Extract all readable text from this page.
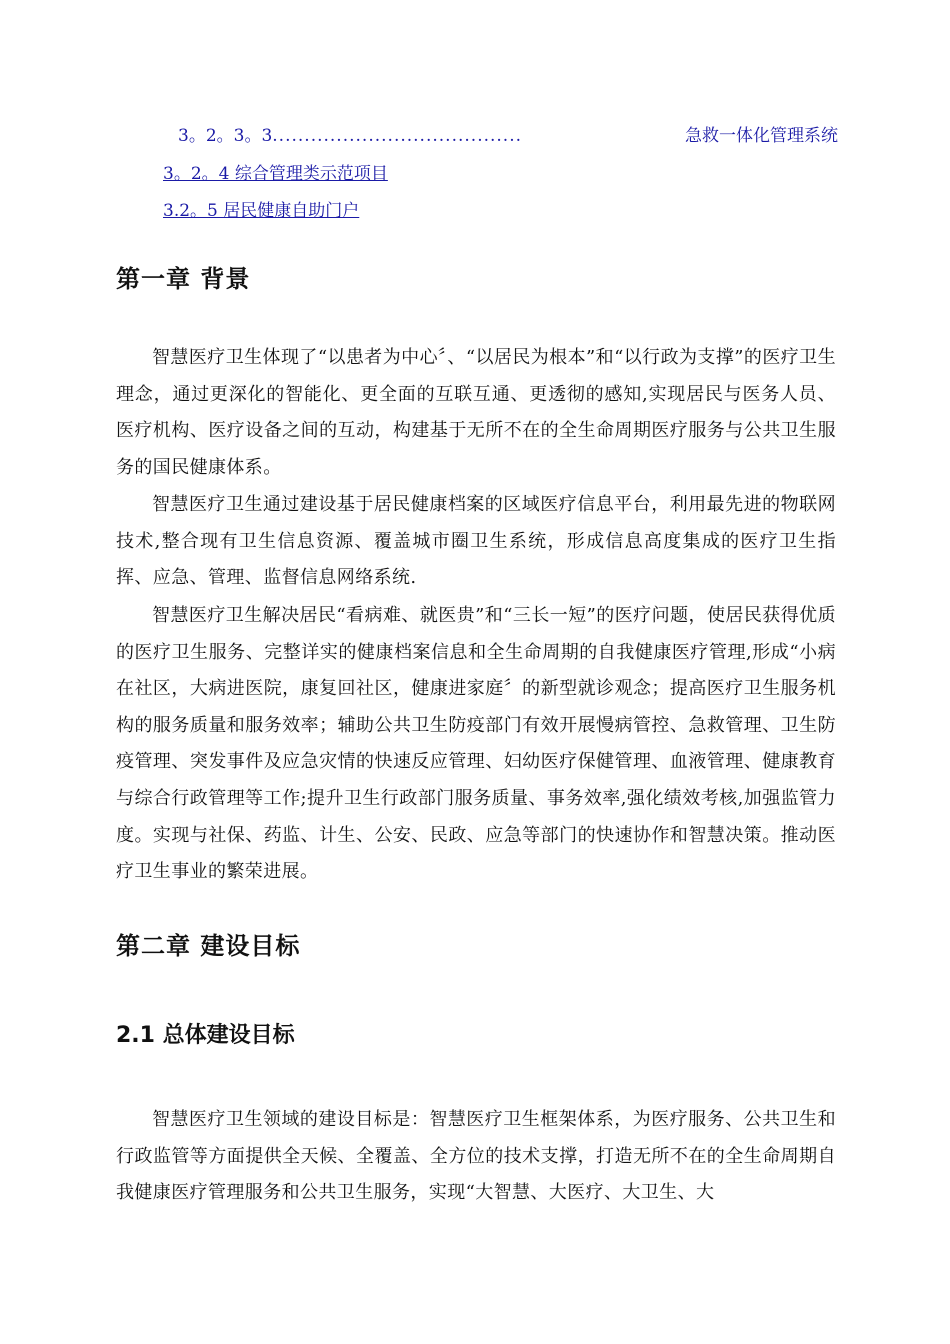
3。2。3。3 .......................................	急救一体化管理系统
3。2。4 综合管理类示范项目
3.2。5 居民健康自助门户
第一章 背景

智慧医疗卫生体现了“以患者为中心〞、“以居民为根本”和“以行政为支撑”的医疗卫生理念，通过更深化的智能化、更全面的互联互通、更透彻的感知,实现居民与医务人员、医疗机构、医疗设备之间的互动，构建基于无所不在的全生命周期医疗服务与公共卫生服务的国民健康体系。

智慧医疗卫生通过建设基于居民健康档案的区域医疗信息平台，利用最先进的物联网技术,整合现有卫生信息资源、覆盖城市圈卫生系统，形成信息高度集成的医疗卫生指挥、应急、管理、监督信息网络系统.

智慧医疗卫生解决居民“看病难、就医贵”和“三长一短”的医疗问题，使居民获得优质的医疗卫生服务、完整详实的健康档案信息和全生命周期的自我健康医疗管理,形成“小病在社区，大病进医院，康复回社区，健康进家庭〞的新型就诊观念；提高医疗卫生服务机构的服务质量和服务效率；辅助公共卫生防疫部门有效开展慢病管控、急救管理、卫生防疫管理、突发事件及应急灾情的快速反应管理、妇幼医疗保健管理、血液管理、健康教育与综合行政管理等工作;提升卫生行政部门服务质量、事务效率,强化绩效考核,加强监管力度。实现与社保、药监、计生、公安、民政、应急等部门的快速协作和智慧决策。推动医疗卫生事业的繁荣进展。

第二章 建设目标
2.1 总体建设目标

智慧医疗卫生领域的建设目标是：智慧医疗卫生框架体系，为医疗服务、公共卫生和行政监管等方面提供全天候、全覆盖、全方位的技术支撑，打造无所不在的全生命周期自我健康医疗管理服务和公共卫生服务，实现“大智慧、大医疗、大卫生、大
